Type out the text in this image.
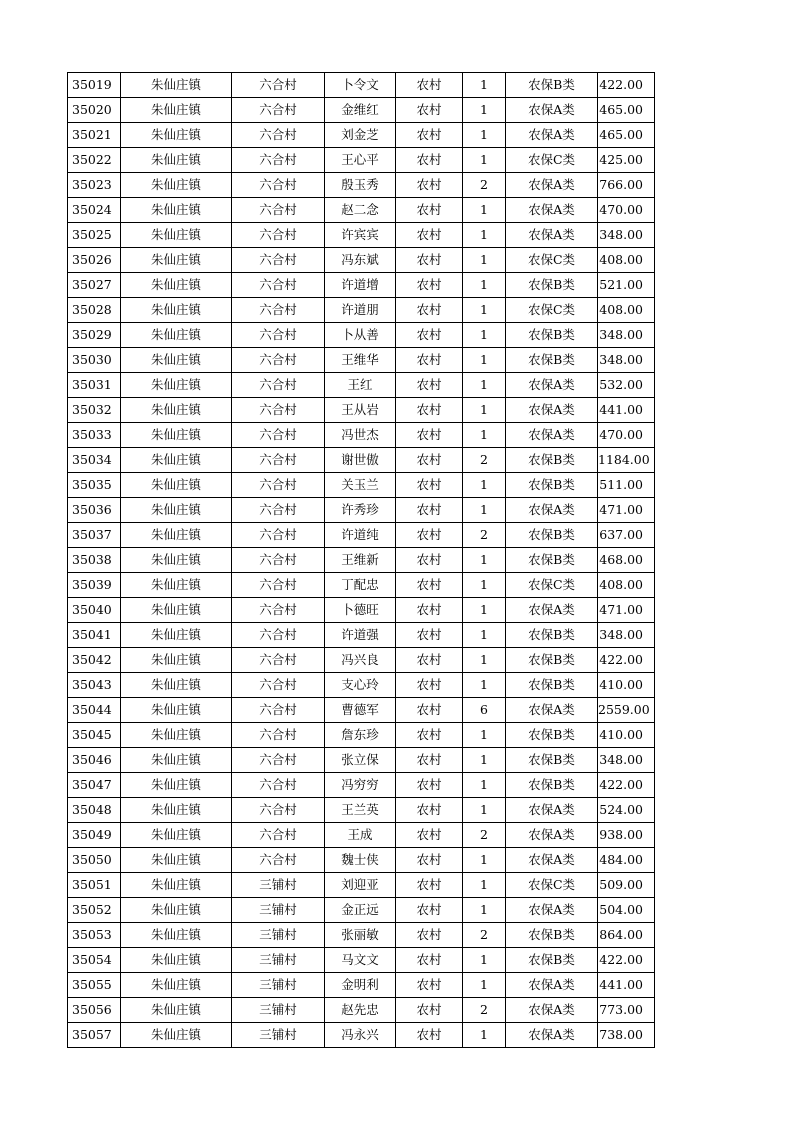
35019	朱仙庄镇	六合村	卜令文	农村	1	农保B类	422.00
35020	朱仙庄镇	六合村	金维红	农村	1	农保A类	465.00
35021	朱仙庄镇	六合村	刘金芝	农村	1	农保A类	465.00
35022	朱仙庄镇	六合村	王心平	农村	1	农保C类	425.00
35023	朱仙庄镇	六合村	殷玉秀	农村	2	农保A类	766.00
35024	朱仙庄镇	六合村	赵二念	农村	1	农保A类	470.00
35025	朱仙庄镇	六合村	许宾宾	农村	1	农保A类	348.00
35026	朱仙庄镇	六合村	冯东斌	农村	1	农保C类	408.00
35027	朱仙庄镇	六合村	许道增	农村	1	农保B类	521.00
35028	朱仙庄镇	六合村	许道朋	农村	1	农保C类	408.00
35029	朱仙庄镇	六合村	卜从善	农村	1	农保B类	348.00
35030	朱仙庄镇	六合村	王维华	农村	1	农保B类	348.00
35031	朱仙庄镇	六合村	王红	农村	1	农保A类	532.00
35032	朱仙庄镇	六合村	王从岩	农村	1	农保A类	441.00
35033	朱仙庄镇	六合村	冯世杰	农村	1	农保A类	470.00
35034	朱仙庄镇	六合村	谢世傲	农村	2	农保B类	1184.00
35035	朱仙庄镇	六合村	关玉兰	农村	1	农保B类	511.00
35036	朱仙庄镇	六合村	许秀珍	农村	1	农保A类	471.00
35037	朱仙庄镇	六合村	许道纯	农村	2	农保B类	637.00
35038	朱仙庄镇	六合村	王维新	农村	1	农保B类	468.00
35039	朱仙庄镇	六合村	丁配忠	农村	1	农保C类	408.00
35040	朱仙庄镇	六合村	卜德旺	农村	1	农保A类	471.00
35041	朱仙庄镇	六合村	许道强	农村	1	农保B类	348.00
35042	朱仙庄镇	六合村	冯兴良	农村	1	农保B类	422.00
35043	朱仙庄镇	六合村	支心玲	农村	1	农保B类	410.00
35044	朱仙庄镇	六合村	曹德军	农村	6	农保A类	2559.00
35045	朱仙庄镇	六合村	詹东珍	农村	1	农保B类	410.00
35046	朱仙庄镇	六合村	张立保	农村	1	农保B类	348.00
35047	朱仙庄镇	六合村	冯穷穷	农村	1	农保B类	422.00
35048	朱仙庄镇	六合村	王兰英	农村	1	农保A类	524.00
35049	朱仙庄镇	六合村	王成	农村	2	农保A类	938.00
35050	朱仙庄镇	六合村	魏士侠	农村	1	农保A类	484.00
35051	朱仙庄镇	三铺村	刘迎亚	农村	1	农保C类	509.00
35052	朱仙庄镇	三铺村	金正远	农村	1	农保A类	504.00
35053	朱仙庄镇	三铺村	张丽敏	农村	2	农保B类	864.00
35054	朱仙庄镇	三铺村	马文文	农村	1	农保B类	422.00
35055	朱仙庄镇	三铺村	金明利	农村	1	农保A类	441.00
35056	朱仙庄镇	三铺村	赵先忠	农村	2	农保A类	773.00
35057	朱仙庄镇	三铺村	冯永兴	农村	1	农保A类	738.00
